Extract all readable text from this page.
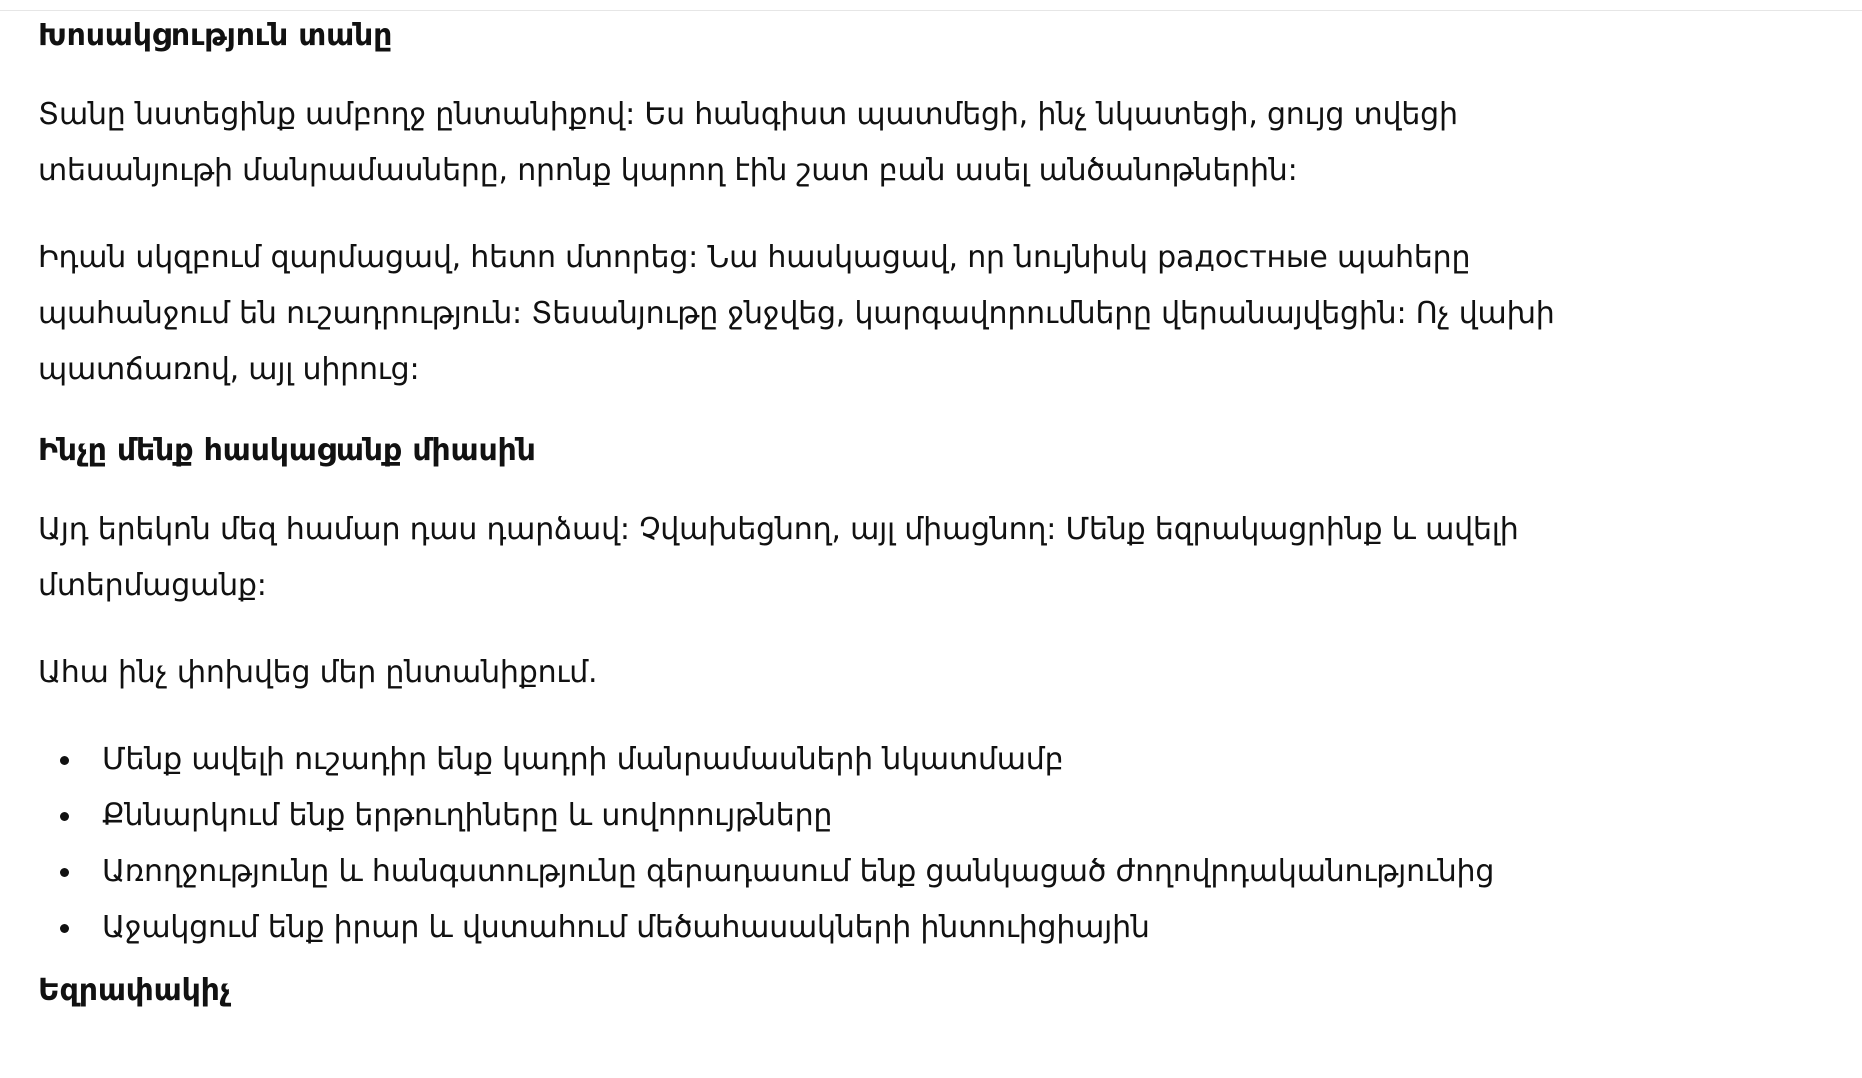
Խոսակցություն տանը

Տանը նստեցինք ամբողջ ընտանիքով: Ես հանգիստ պատմեցի, ինչ նկատեցի, ցույց տվեցի տեսանյութի մանրամասները, որոնք կարող էին շատ բան ասել անծանոթներին:

Իդան սկզբում զարմացավ, հետո մտորեց: Նա հասկացավ, որ նույնիսկ радостные պահերը պահանջում են ուշադրություն: Տեսանյութը ջնջվեց, կարգավորումները վերանայվեցին: Ոչ վախի պատճառով, այլ սիրուց:

Ինչը մենք հասկացանք միասին

Այդ երեկոն մեզ համար դաս դարձավ: Չվախեցնող, այլ միացնող: Մենք եզրակացրինք և ավելի մտերմացանք:

Ահա ինչ փոխվեց մեր ընտանիքում.

Մենք ավելի ուշադիր ենք կադրի մանրամասների նկատմամբ
Քննարկում ենք երթուղիները և սովորույթները
Առողջությունը և հանգստությունը գերադասում ենք ցանկացած ժողովրդականությունից
Աջակցում ենք իրար և վստահում մեծահասակների ինտուիցիային
Եզրափակիչ
